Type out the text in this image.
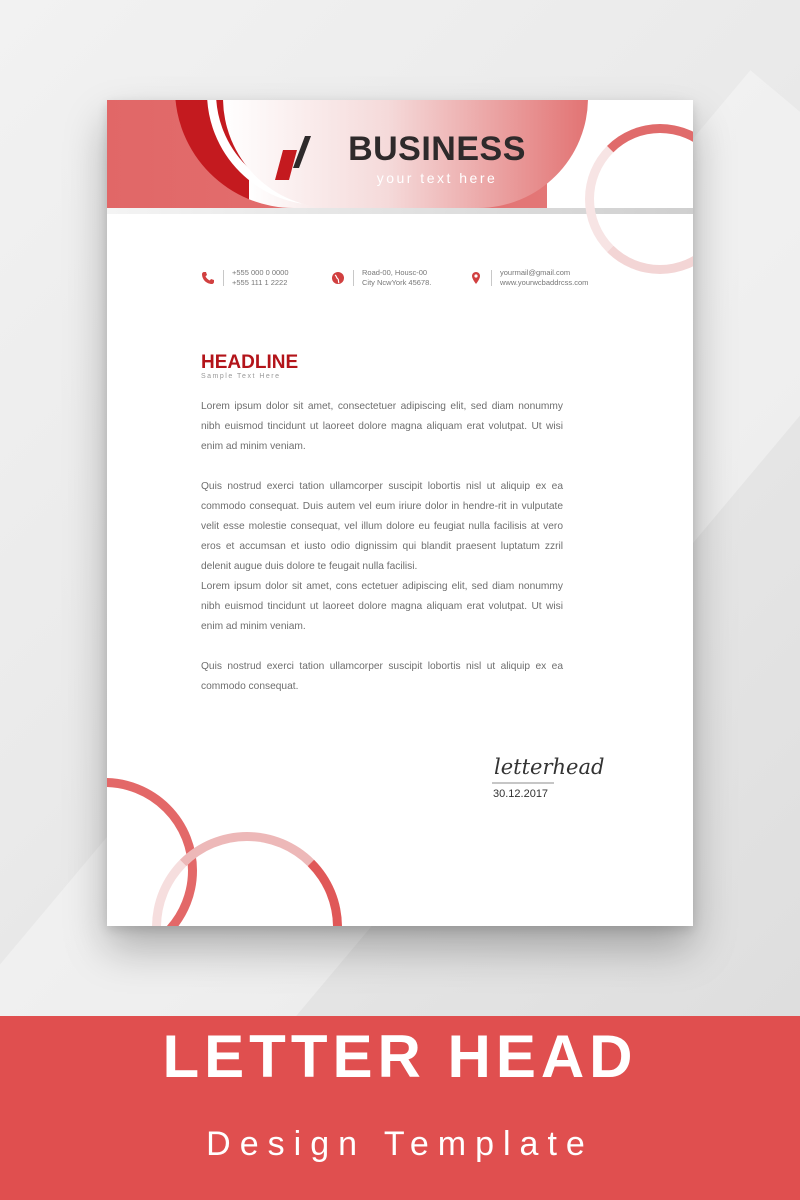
BUSINESS
your text here
+555 000 0 0000
+555 111 1 2222
Road-00, Housc-00
City NcwYork 45678.
yourmail@gmail.com
www.yourwcbaddrcss.com
HEADLINE
Sample Text Here

Lorem ipsum dolor sit amet, consectetuer adipiscing elit, sed diam nonummy nibh euismod tincidunt ut laoreet dolore magna aliquam erat volutpat. Ut wisi enim ad minim veniam.

Quis nostrud exerci tation ullamcorper suscipit lobortis nisl ut aliquip ex ea commodo consequat. Duis autem vel eum iriure dolor in hendre-rit in vulputate velit esse molestie consequat, vel illum dolore eu feugiat nulla facilisis at vero eros et accumsan et iusto odio dignissim qui blandit praesent luptatum zzril delenit augue duis dolore te feugait nulla facilisi.

Lorem ipsum dolor sit amet, cons ectetuer adipiscing elit, sed diam nonummy nibh euismod tincidunt ut laoreet dolore magna aliquam erat volutpat. Ut wisi enim ad minim veniam.

Quis nostrud exerci tation ullamcorper suscipit lobortis nisl ut aliquip ex ea commodo consequat.

letterhead
30.12.2017
LETTER HEAD
Design Template
